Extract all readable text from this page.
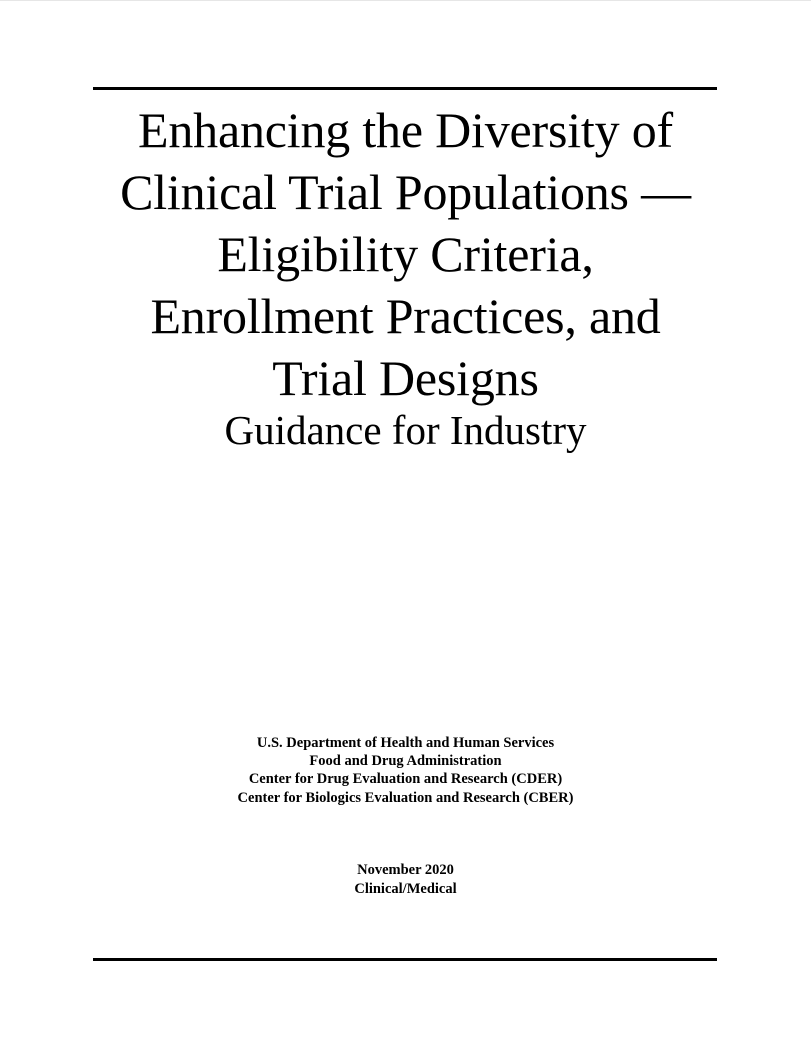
Enhancing the Diversity of
Clinical Trial Populations —
Eligibility Criteria,
Enrollment Practices, and
Trial Designs
Guidance for Industry
U.S. Department of Health and Human Services
Food and Drug Administration
Center for Drug Evaluation and Research (CDER)
Center for Biologics Evaluation and Research (CBER)
November 2020
Clinical/Medical
